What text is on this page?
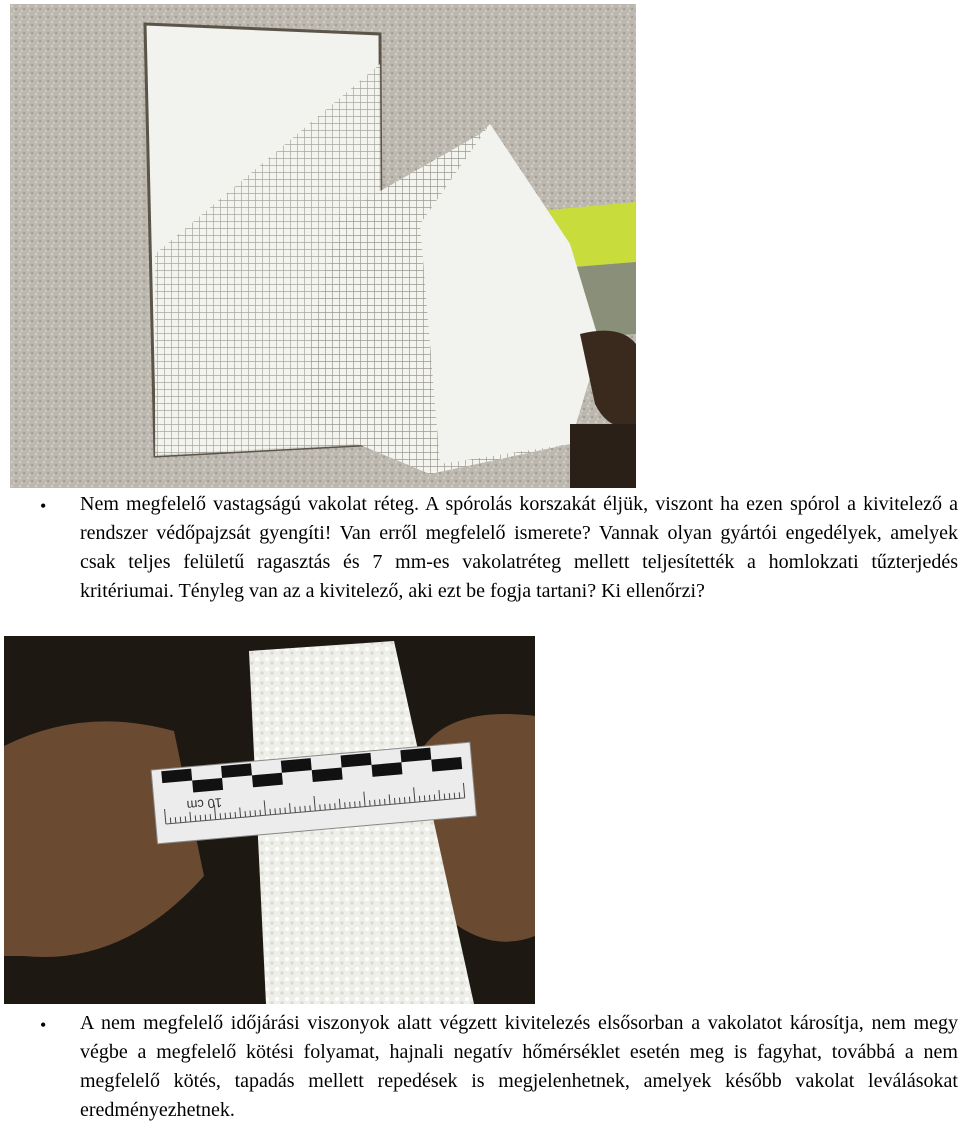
• Nem megfelelő vastagságú vakolat réteg. A spórolás korszakát éljük, viszont ha ezen spórol a kivitelező a rendszer védőpajzsát gyengíti! Van erről megfelelő ismerete? Vannak olyan gyártói engedélyek, amelyek csak teljes felületű ragasztás és 7 mm-es vakolatréteg mellett teljesítették a homlokzati tűzterjedés kritériumai. Tényleg van az a kivitelező, aki ezt be fogja tartani? Ki ellenőrzi?

10 cm
• A nem megfelelő időjárási viszonyok alatt végzett kivitelezés elsősorban a vakolatot károsítja, nem megy végbe a megfelelő kötési folyamat, hajnali negatív hőmérséklet esetén meg is fagyhat, továbbá a nem megfelelő kötés, tapadás mellett repedések is megjelenhetnek, amelyek később vakolat leválásokat eredményezhetnek.
